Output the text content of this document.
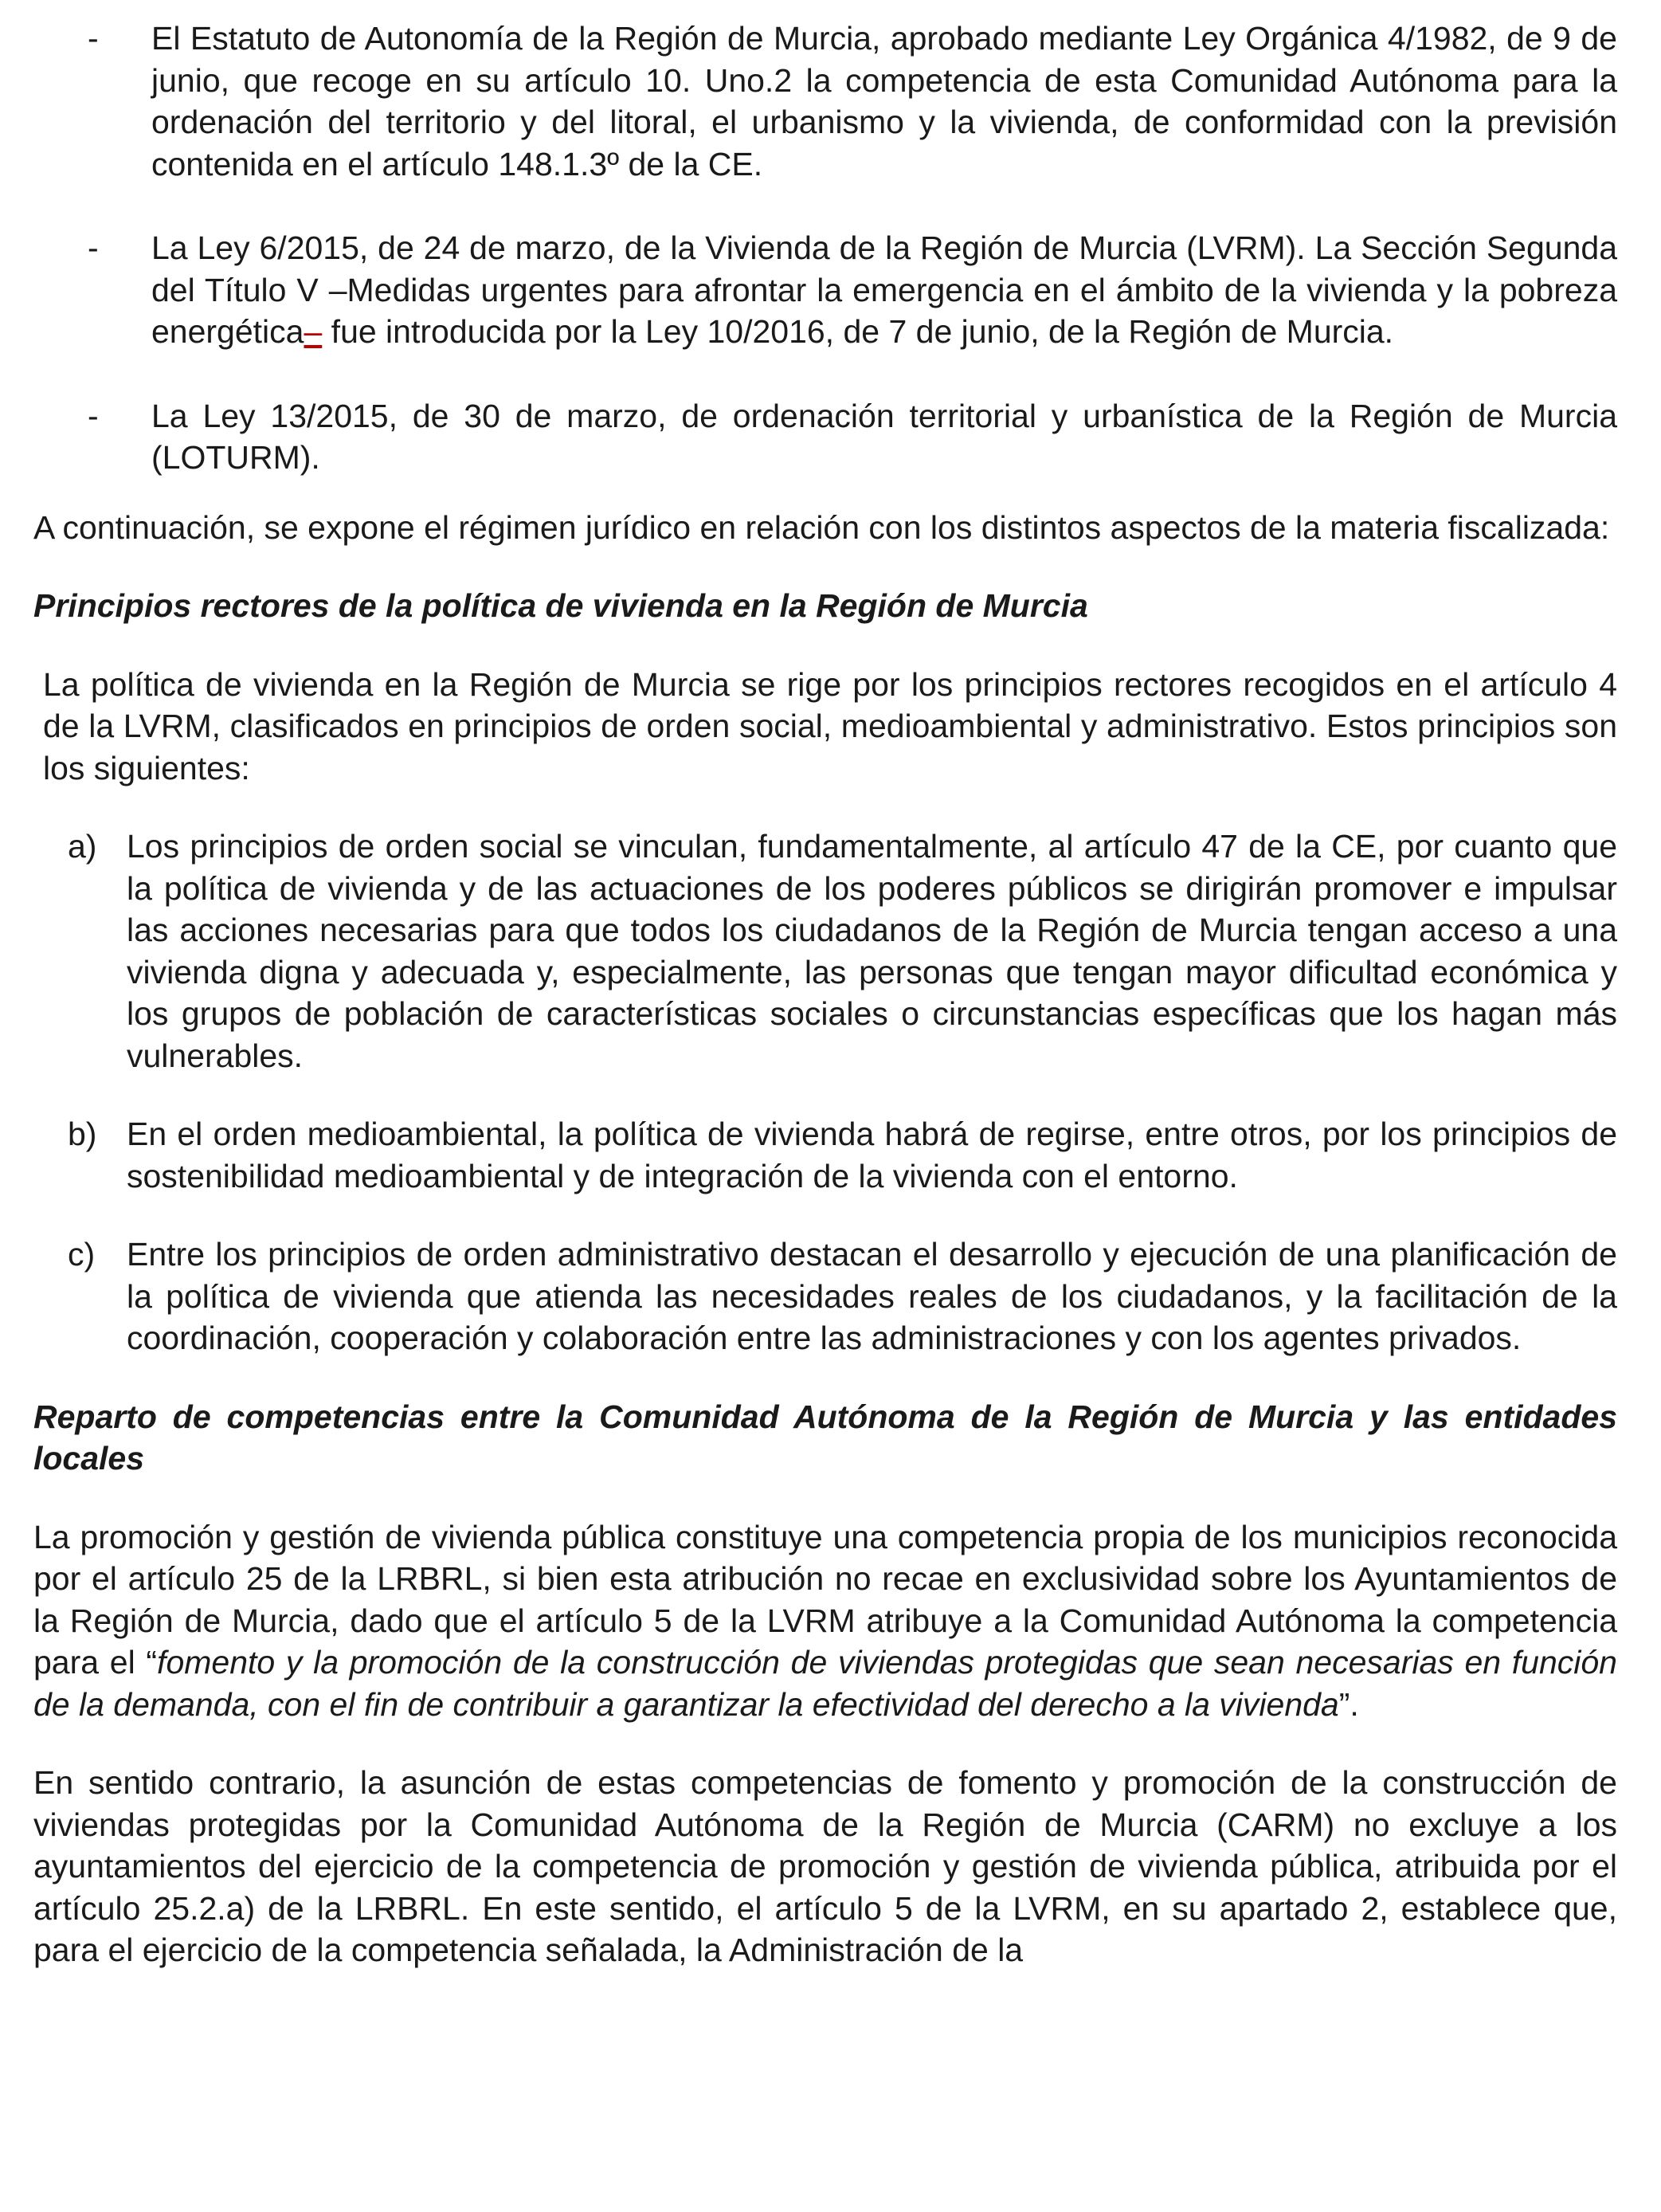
- El Estatuto de Autonomía de la Región de Murcia, aprobado mediante Ley Orgánica 4/1982, de 9 de junio, que recoge en su artículo 10. Uno.2 la competencia de esta Comunidad Autónoma para la ordenación del territorio y del litoral, el urbanismo y la vivienda, de conformidad con la previsión contenida en el artículo 148.1.3º de la CE.

- La Ley 6/2015, de 24 de marzo, de la Vivienda de la Región de Murcia (LVRM). La Sección Segunda del Título V –Medidas urgentes para afrontar la emergencia en el ámbito de la vivienda y la pobreza energética– fue introducida por la Ley 10/2016, de 7 de junio, de la Región de Murcia.

- La Ley 13/2015, de 30 de marzo, de ordenación territorial y urbanística de la Región de Murcia (LOTURM).

A continuación, se expone el régimen jurídico en relación con los distintos aspectos de la materia fiscalizada:

Principios rectores de la política de vivienda en la Región de Murcia

La política de vivienda en la Región de Murcia se rige por los principios rectores recogidos en el artículo 4 de la LVRM, clasificados en principios de orden social, medioambiental y administrativo. Estos principios son los siguientes:

a) Los principios de orden social se vinculan, fundamentalmente, al artículo 47 de la CE, por cuanto que la política de vivienda y de las actuaciones de los poderes públicos se dirigirán promover e impulsar las acciones necesarias para que todos los ciudadanos de la Región de Murcia tengan acceso a una vivienda digna y adecuada y, especialmente, las personas que tengan mayor dificultad económica y los grupos de población de características sociales o circunstancias específicas que los hagan más vulnerables.

b) En el orden medioambiental, la política de vivienda habrá de regirse, entre otros, por los principios de sostenibilidad medioambiental y de integración de la vivienda con el entorno.

c) Entre los principios de orden administrativo destacan el desarrollo y ejecución de una planificación de la política de vivienda que atienda las necesidades reales de los ciudadanos, y la facilitación de la coordinación, cooperación y colaboración entre las administraciones y con los agentes privados.

Reparto de competencias entre la Comunidad Autónoma de la Región de Murcia y las entidades locales

La promoción y gestión de vivienda pública constituye una competencia propia de los municipios reconocida por el artículo 25 de la LRBRL, si bien esta atribución no recae en exclusividad sobre los Ayuntamientos de la Región de Murcia, dado que el artículo 5 de la LVRM atribuye a la Comunidad Autónoma la competencia para el “fomento y la promoción de la construcción de viviendas protegidas que sean necesarias en función de la demanda, con el fin de contribuir a garantizar la efectividad del derecho a la vivienda”.

En sentido contrario, la asunción de estas competencias de fomento y promoción de la construcción de viviendas protegidas por la Comunidad Autónoma de la Región de Murcia (CARM) no excluye a los ayuntamientos del ejercicio de la competencia de promoción y gestión de vivienda pública, atribuida por el artículo 25.2.a) de la LRBRL. En este sentido, el artículo 5 de la LVRM, en su apartado 2, establece que, para el ejercicio de la competencia señalada, la Administración de la
